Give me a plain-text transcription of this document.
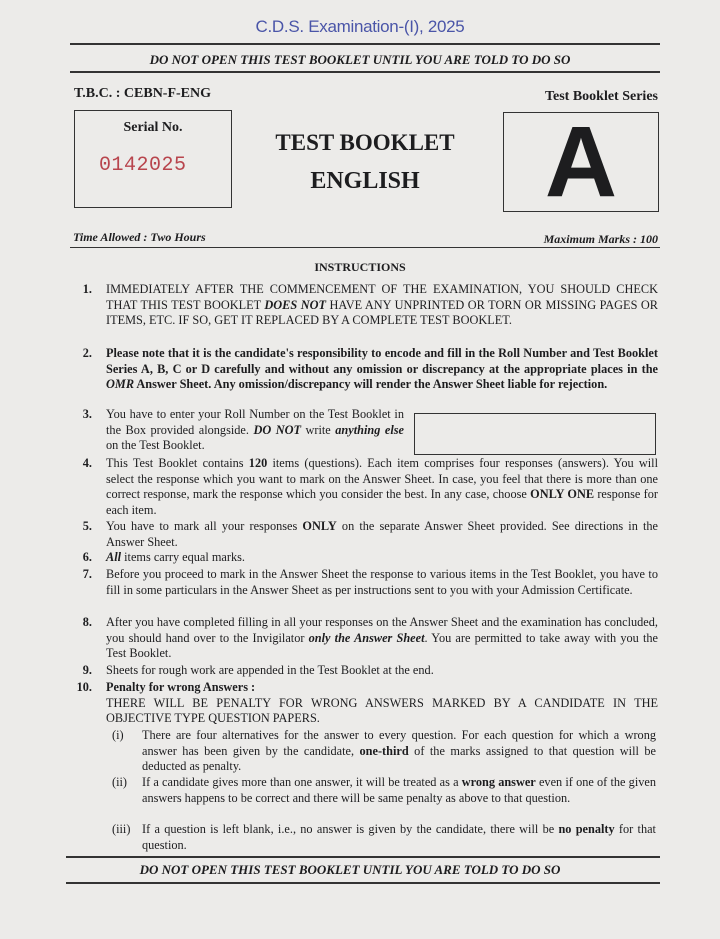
C.D.S. Examination-(I), 2025
DO NOT OPEN THIS TEST BOOKLET UNTIL YOU ARE TOLD TO DO SO
T.B.C. : CEBN-F-ENG	Test Booklet Series
Serial No.
0142025
TEST BOOKLET
ENGLISH	A
Time Allowed : Two Hours	Maximum Marks : 100
INSTRUCTIONS
1. IMMEDIATELY AFTER THE COMMENCEMENT OF THE EXAMINATION, YOU SHOULD CHECK THAT THIS TEST BOOKLET DOES NOT HAVE ANY UNPRINTED OR TORN OR MISSING PAGES OR ITEMS, ETC. IF SO, GET IT REPLACED BY A COMPLETE TEST BOOKLET.
2. Please note that it is the candidate's responsibility to encode and fill in the Roll Number and Test Booklet Series A, B, C or D carefully and without any omission or discrepancy at the appropriate places in the OMR Answer Sheet. Any omission/discrepancy will render the Answer Sheet liable for rejection.
3. You have to enter your Roll Number on the Test Booklet in the Box provided alongside. DO NOT write anything else on the Test Booklet.
4. This Test Booklet contains 120 items (questions). Each item comprises four responses (answers). You will select the response which you want to mark on the Answer Sheet. In case, you feel that there is more than one correct response, mark the response which you consider the best. In any case, choose ONLY ONE response for each item.
5. You have to mark all your responses ONLY on the separate Answer Sheet provided. See directions in the Answer Sheet.
6. All items carry equal marks.
7. Before you proceed to mark in the Answer Sheet the response to various items in the Test Booklet, you have to fill in some particulars in the Answer Sheet as per instructions sent to you with your Admission Certificate.
8. After you have completed filling in all your responses on the Answer Sheet and the examination has concluded, you should hand over to the Invigilator only the Answer Sheet. You are permitted to take away with you the Test Booklet.
9. Sheets for rough work are appended in the Test Booklet at the end.
10. Penalty for wrong Answers :
THERE WILL BE PENALTY FOR WRONG ANSWERS MARKED BY A CANDIDATE IN THE OBJECTIVE TYPE QUESTION PAPERS.
(i)	There are four alternatives for the answer to every question. For each question for which a wrong answer has been given by the candidate, one-third of the marks assigned to that question will be deducted as penalty.
(ii)	If a candidate gives more than one answer, it will be treated as a wrong answer even if one of the given answers happens to be correct and there will be same penalty as above to that question.
(iii) If a question is left blank, i.e., no answer is given by the candidate, there will be no penalty for that question.
DO NOT OPEN THIS TEST BOOKLET UNTIL YOU ARE TOLD TO DO SO
